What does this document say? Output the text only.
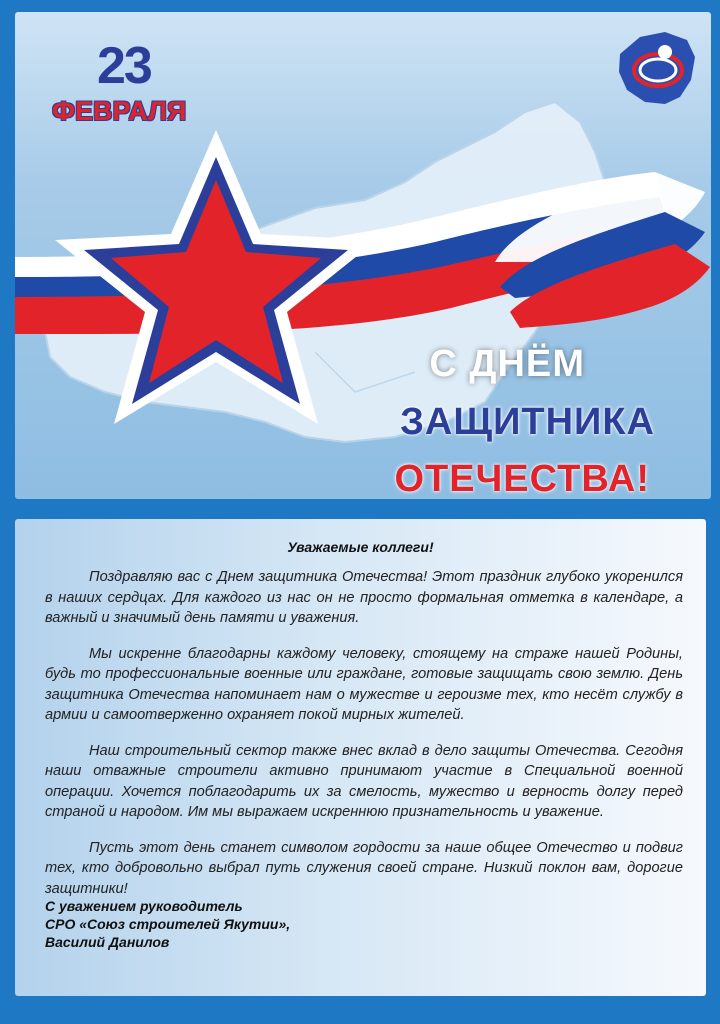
23
ФЕВРАЛЯ
С ДНЁМ
ЗАЩИТНИКА
ОТЕЧЕСТВА!
Уважаемые коллеги!

Поздравляю вас с Днем защитника Отечества! Этот праздник глубоко укоренился в наших сердцах. Для каждого из нас он не просто формальная отметка в календаре, а важный и значимый день памяти и уважения.

Мы искренне благодарны каждому человеку, стоящему на страже нашей Родины, будь то профессиональные военные или граждане, готовые защищать свою землю. День защитника Отечества напоминает нам о мужестве и героизме тех, кто несёт службу в армии и самоотверженно охраняет покой мирных жителей.

Наш строительный сектор также внес вклад в дело защиты Отечества. Сегодня наши отважные строители активно принимают участие в Специальной военной операции. Хочется поблагодарить их за смелость, мужество и верность долгу перед страной и народом. Им мы выражаем искреннюю признательность и уважение.

Пусть этот день станет символом гордости за наше общее Отечество и подвиг тех, кто добровольно выбрал путь служения своей стране. Низкий поклон вам, дорогие защитники!

С уважением руководитель
СРО «Союз строителей Якутии»,
Василий Данилов
